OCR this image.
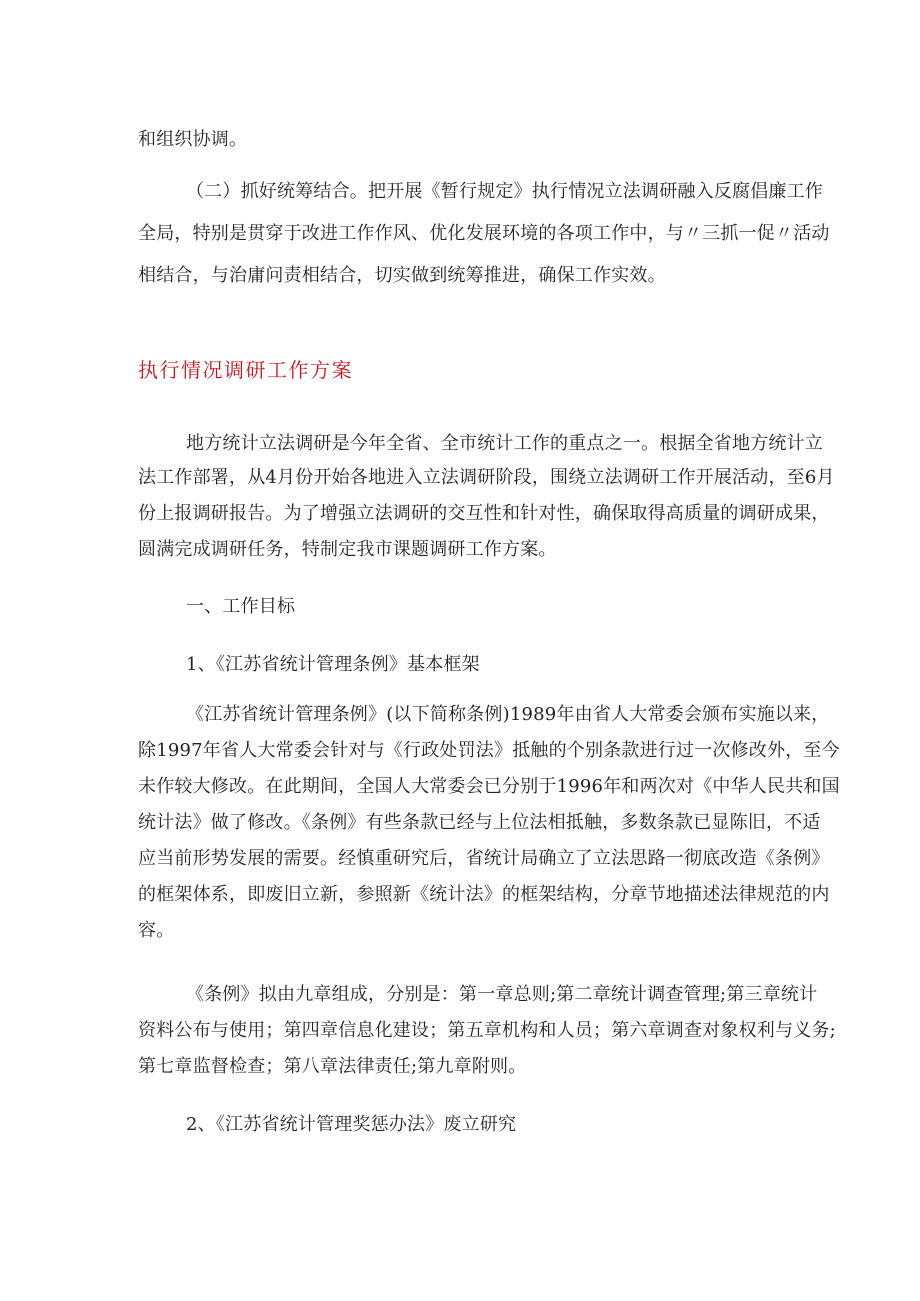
和组织协调。
（二）抓好统筹结合。把开展《暂行规定》执行情况立法调研融入反腐倡廉工作
全局，特别是贯穿于改进工作作风、优化发展环境的各项工作中，与〃三抓一促〃活动
相结合，与治庸问责相结合，切实做到统筹推进，确保工作实效。
执行情况调研工作方案
地方统计立法调研是今年全省、全市统计工作的重点之一。根据全省地方统计立
法工作部署，从4月份开始各地进入立法调研阶段，围绕立法调研工作开展活动，至6月
份上报调研报告。为了增强立法调研的交互性和针对性，确保取得高质量的调研成果，
圆满完成调研任务，特制定我市课题调研工作方案。
一、工作目标
1、《江苏省统计管理条例》基本框架
《江苏省统计管理条例》(以下简称条例)1989年由省人大常委会颁布实施以来，
除1997年省人大常委会针对与《行政处罚法》抵触的个别条款进行过一次修改外，至今
未作较大修改。在此期间，全国人大常委会已分别于1996年和两次对《中华人民共和国
统计法》做了修改。《条例》有些条款已经与上位法相抵触，多数条款已显陈旧，不适
应当前形势发展的需要。经慎重研究后，省统计局确立了立法思路一彻底改造《条例》
的框架体系，即废旧立新，参照新《统计法》的框架结构，分章节地描述法律规范的内
容。
《条例》拟由九章组成，分别是：第一章总则;第二章统计调查管理;第三章统计
资料公布与使用；第四章信息化建设；第五章机构和人员；第六章调查对象权利与义务;
第七章监督检查；第八章法律责任;第九章附则。
2、《江苏省统计管理奖惩办法》废立研究
